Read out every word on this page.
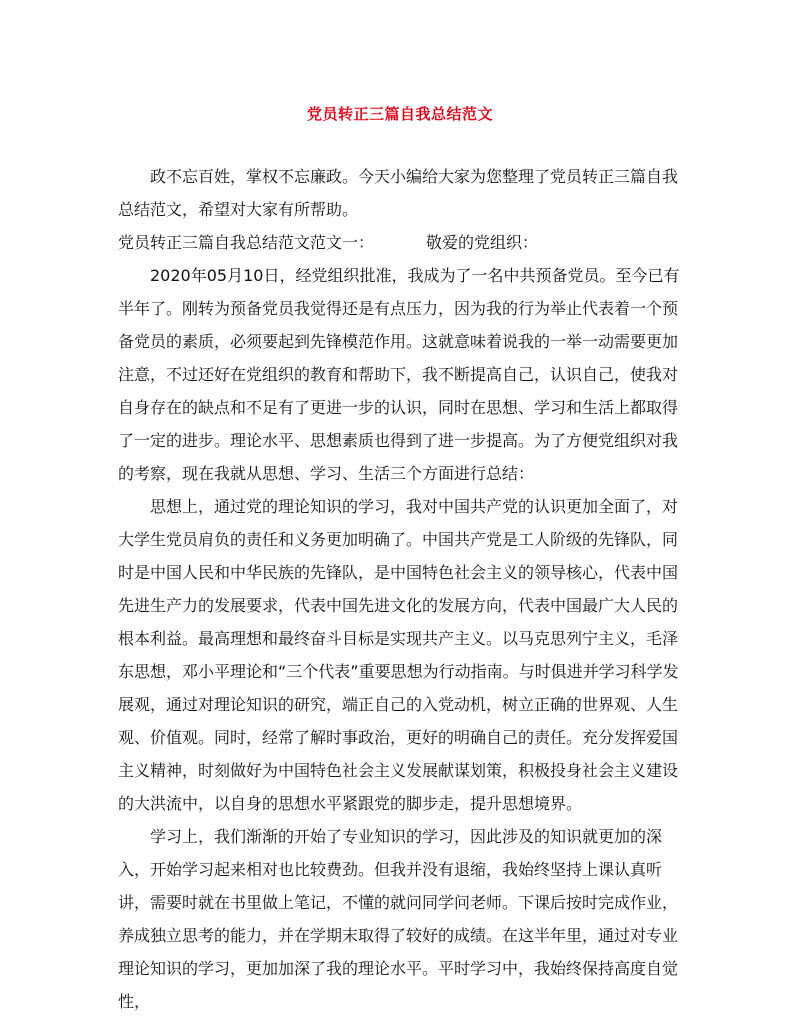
党员转正三篇自我总结范文

政不忘百姓，掌权不忘廉政。今天小编给大家为您整理了党员转正三篇自我总结范文，希望对大家有所帮助。

党员转正三篇自我总结范文范文一：	敬爱的党组织：

2020年05月10日，经党组织批准，我成为了一名中共预备党员。至今已有半年了。刚转为预备党员我觉得还是有点压力，因为我的行为举止代表着一个预备党员的素质，必须要起到先锋模范作用。这就意味着说我的一举一动需要更加注意，不过还好在党组织的教育和帮助下，我不断提高自己，认识自己，使我对自身存在的缺点和不足有了更进一步的认识，同时在思想、学习和生活上都取得了一定的进步。理论水平、思想素质也得到了进一步提高。为了方便党组织对我的考察，现在我就从思想、学习、生活三个方面进行总结：

思想上，通过党的理论知识的学习，我对中国共产党的认识更加全面了，对大学生党员肩负的责任和义务更加明确了。中国共产党是工人阶级的先锋队，同时是中国人民和中华民族的先锋队，是中国特色社会主义的领导核心，代表中国先进生产力的发展要求，代表中国先进文化的发展方向，代表中国最广大人民的根本利益。最高理想和最终奋斗目标是实现共产主义。以马克思列宁主义，毛泽东思想，邓小平理论和“三个代表”重要思想为行动指南。与时俱进并学习科学发展观，通过对理论知识的研究，端正自己的入党动机，树立正确的世界观、人生观、价值观。同时，经常了解时事政治，更好的明确自己的责任。充分发挥爱国主义精神，时刻做好为中国特色社会主义发展献谋划策，积极投身社会主义建设的大洪流中，以自身的思想水平紧跟党的脚步走，提升思想境界。

学习上，我们渐渐的开始了专业知识的学习，因此涉及的知识就更加的深入，开始学习起来相对也比较费劲。但我并没有退缩，我始终坚持上课认真听讲，需要时就在书里做上笔记，不懂的就问同学问老师。下课后按时完成作业，养成独立思考的能力，并在学期末取得了较好的成绩。在这半年里，通过对专业理论知识的学习，更加加深了我的理论水平。平时学习中，我始终保持高度自觉性，
